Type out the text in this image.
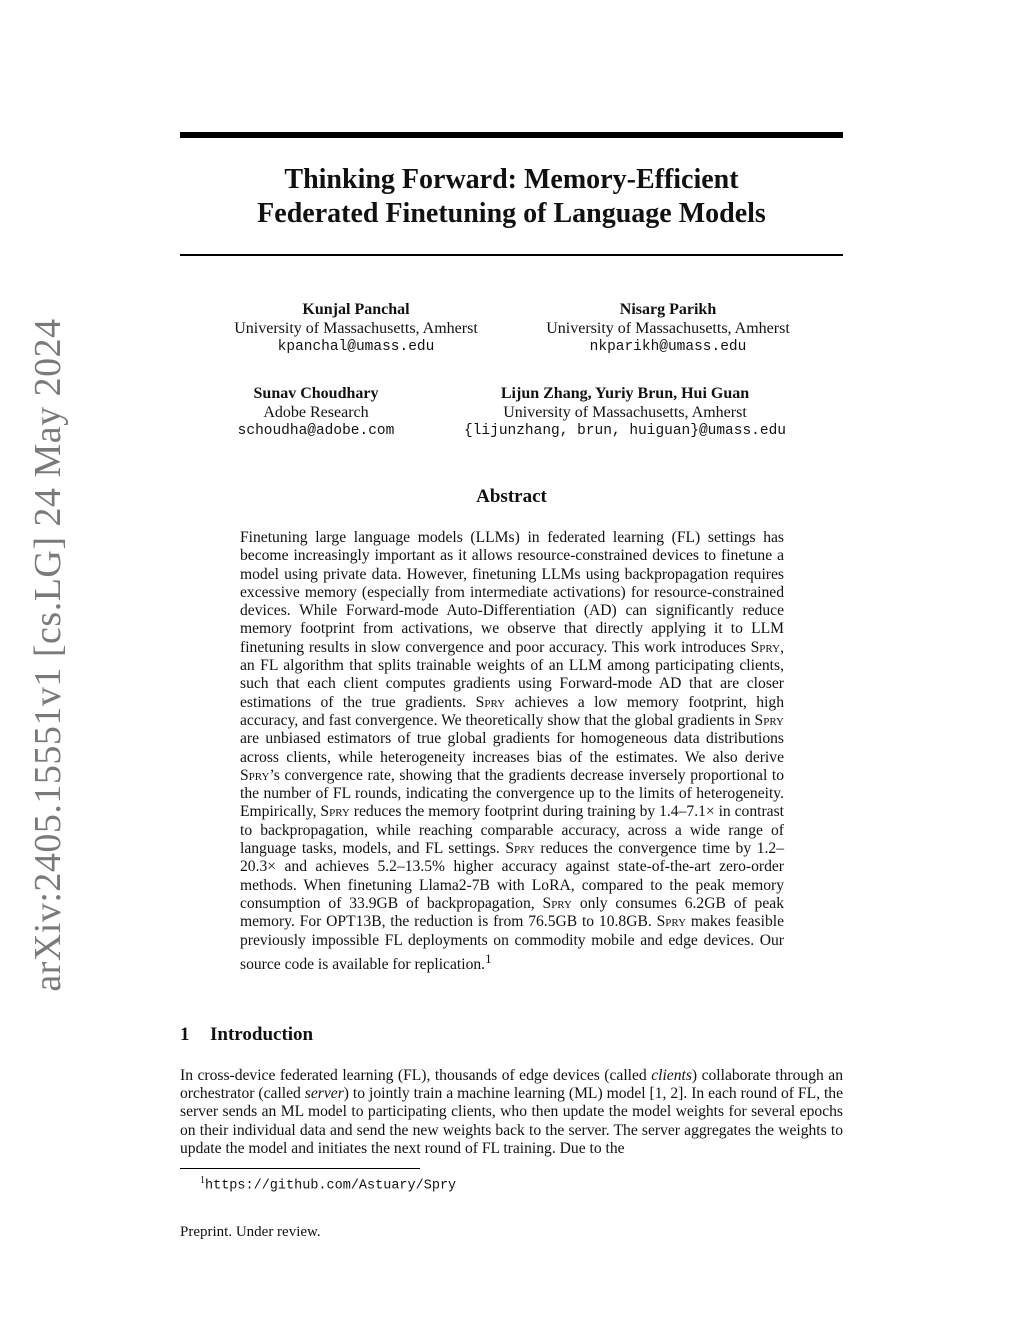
arXiv:2405.15551v1 [cs.LG] 24 May 2024
Thinking Forward: Memory-Efficient
Federated Finetuning of Language Models
Kunjal Panchal
University of Massachusetts, Amherst
kpanchal@umass.edu
Nisarg Parikh
University of Massachusetts, Amherst
nkparikh@umass.edu
Sunav Choudhary
Adobe Research
schoudha@adobe.com
Lijun Zhang, Yuriy Brun, Hui Guan
University of Massachusetts, Amherst
{lijunzhang, brun, huiguan}@umass.edu
Abstract
Finetuning large language models (LLMs) in federated learning (FL) settings has become increasingly important as it allows resource-constrained devices to finetune a model using private data. However, finetuning LLMs using backpropagation requires excessive memory (especially from intermediate activations) for resource-constrained devices. While Forward-mode Auto-Differentiation (AD) can significantly reduce memory footprint from activations, we observe that directly applying it to LLM finetuning results in slow convergence and poor accuracy. This work introduces Spry, an FL algorithm that splits trainable weights of an LLM among participating clients, such that each client computes gradients using Forward-mode AD that are closer estimations of the true gradients. Spry achieves a low memory footprint, high accuracy, and fast convergence. We theoretically show that the global gradients in Spry are unbiased estimators of true global gradients for homogeneous data distributions across clients, while heterogeneity increases bias of the estimates. We also derive Spry’s convergence rate, showing that the gradients decrease inversely proportional to the number of FL rounds, indicating the convergence up to the limits of heterogeneity. Empirically, Spry reduces the memory footprint during training by 1.4–7.1× in contrast to backpropagation, while reaching comparable accuracy, across a wide range of language tasks, models, and FL settings. Spry reduces the convergence time by 1.2–20.3× and achieves 5.2–13.5% higher accuracy against state-of-the-art zero-order methods. When finetuning Llama2-7B with LoRA, compared to the peak memory consumption of 33.9GB of backpropagation, Spry only consumes 6.2GB of peak memory. For OPT13B, the reduction is from 76.5GB to 10.8GB. Spry makes feasible previously impossible FL deployments on commodity mobile and edge devices. Our source code is available for replication.$^1$
1 Introduction
In cross-device federated learning (FL), thousands of edge devices (called clients) collaborate through an orchestrator (called server) to jointly train a machine learning (ML) model [1, 2]. In each round of FL, the server sends an ML model to participating clients, who then update the model weights for several epochs on their individual data and send the new weights back to the server. The server aggregates the weights to update the model and initiates the next round of FL training. Due to the
$^1$https://github.com/Astuary/Spry
Preprint. Under review.
